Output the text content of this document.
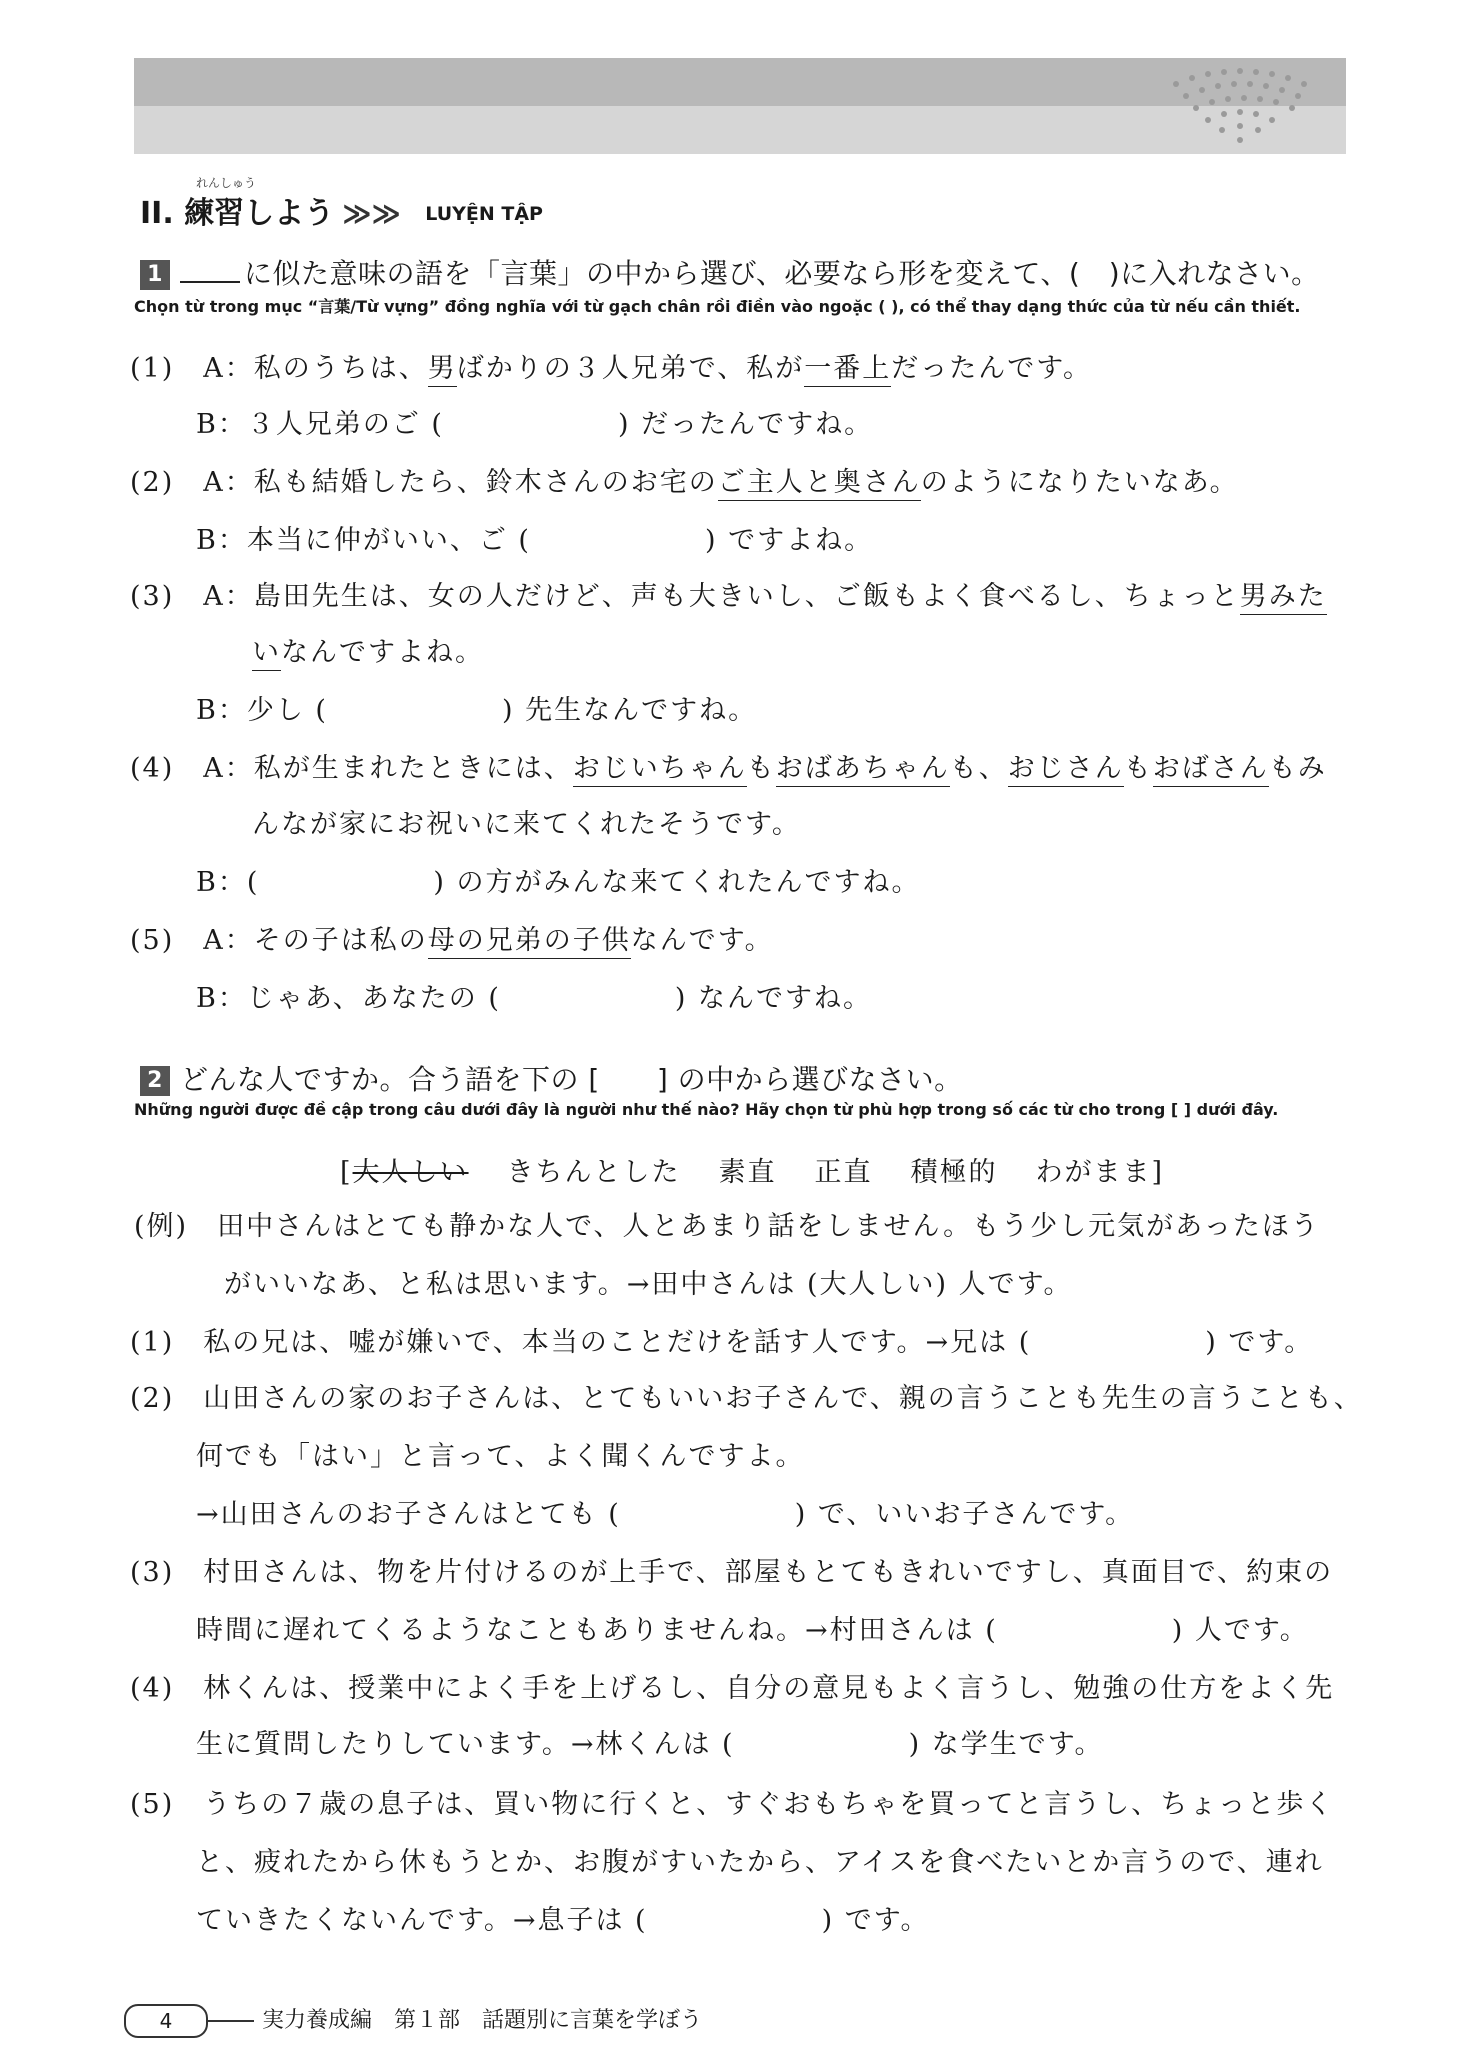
れんしゅう
II. 練習しよう ≫ ≫ LUYỆN TẬP
1	に似た意味の語を「言葉」の中から選び、必要なら形を変えて、(　)に入れなさい。
Chọn từ trong mục “言葉/Từ vựng” đồng nghĩa với từ gạch chân rồi điền vào ngoặc ( ), có thể thay dạng thức của từ nếu cần thiết.
(1)　 A：私のうちは、男ばかりの３人兄弟で、私が一番上だったんです。
B：３人兄弟のご (　　　　　　) だったんですね。
(2)　 A：私も結婚したら、鈴木さんのお宅のご主人と奥さんのようになりたいなあ。
B：本当に仲がいい、ご (　　　　　　) ですよね。
(3)　 A：島田先生は、女の人だけど、声も大きいし、ご飯もよく食べるし、ちょっと男みた
いなんですよね。
B：少し (　　　　　　) 先生なんですね。
(4)　 A：私が生まれたときには、おじいちゃんもおばあちゃんも、おじさんもおばさんもみ
んなが家にお祝いに来てくれたそうです。
B：(　　　　　　) の方がみんな来てくれたんですね。
(5)　 A：その子は私の母の兄弟の子供なんです。
B：じゃあ、あなたの (　　　　　　) なんですね。
2 どんな人ですか。合う語を下の [　　] の中から選びなさい。
Những người được đề cập trong câu dưới đây là người như thế nào? Hãy chọn từ phù hợp trong số các từ cho trong [ ] dưới đây.
[大人しい きちんとした 素直 正直 積極的 わがまま]
(例)　田中さんはとても静かな人で、人とあまり話をしません。もう少し元気があったほう
がいいなあ、と私は思います。→田中さんは (大人しい) 人です。
(1)　私の兄は、嘘が嫌いで、本当のことだけを話す人です。→兄は (　　　　　　) です。
(2)　山田さんの家のお子さんは、とてもいいお子さんで、親の言うことも先生の言うことも、
何でも「はい」と言って、よく聞くんですよ。
→山田さんのお子さんはとても (　　　　　　) で、いいお子さんです。
(3)　村田さんは、物を片付けるのが上手で、部屋もとてもきれいですし、真面目で、約束の
時間に遅れてくるようなこともありませんね。→村田さんは (　　　　　　) 人です。
(4)　林くんは、授業中によく手を上げるし、自分の意見もよく言うし、勉強の仕方をよく先
生に質問したりしています。→林くんは (　　　　　　) な学生です。
(5)　うちの７歳の息子は、買い物に行くと、すぐおもちゃを買ってと言うし、ちょっと歩く
と、疲れたから休もうとか、お腹がすいたから、アイスを食べたいとか言うので、連れ
ていきたくないんです。→息子は (　　　　　　) です。
4	実力養成編　第１部　話題別に言葉を学ぼう
